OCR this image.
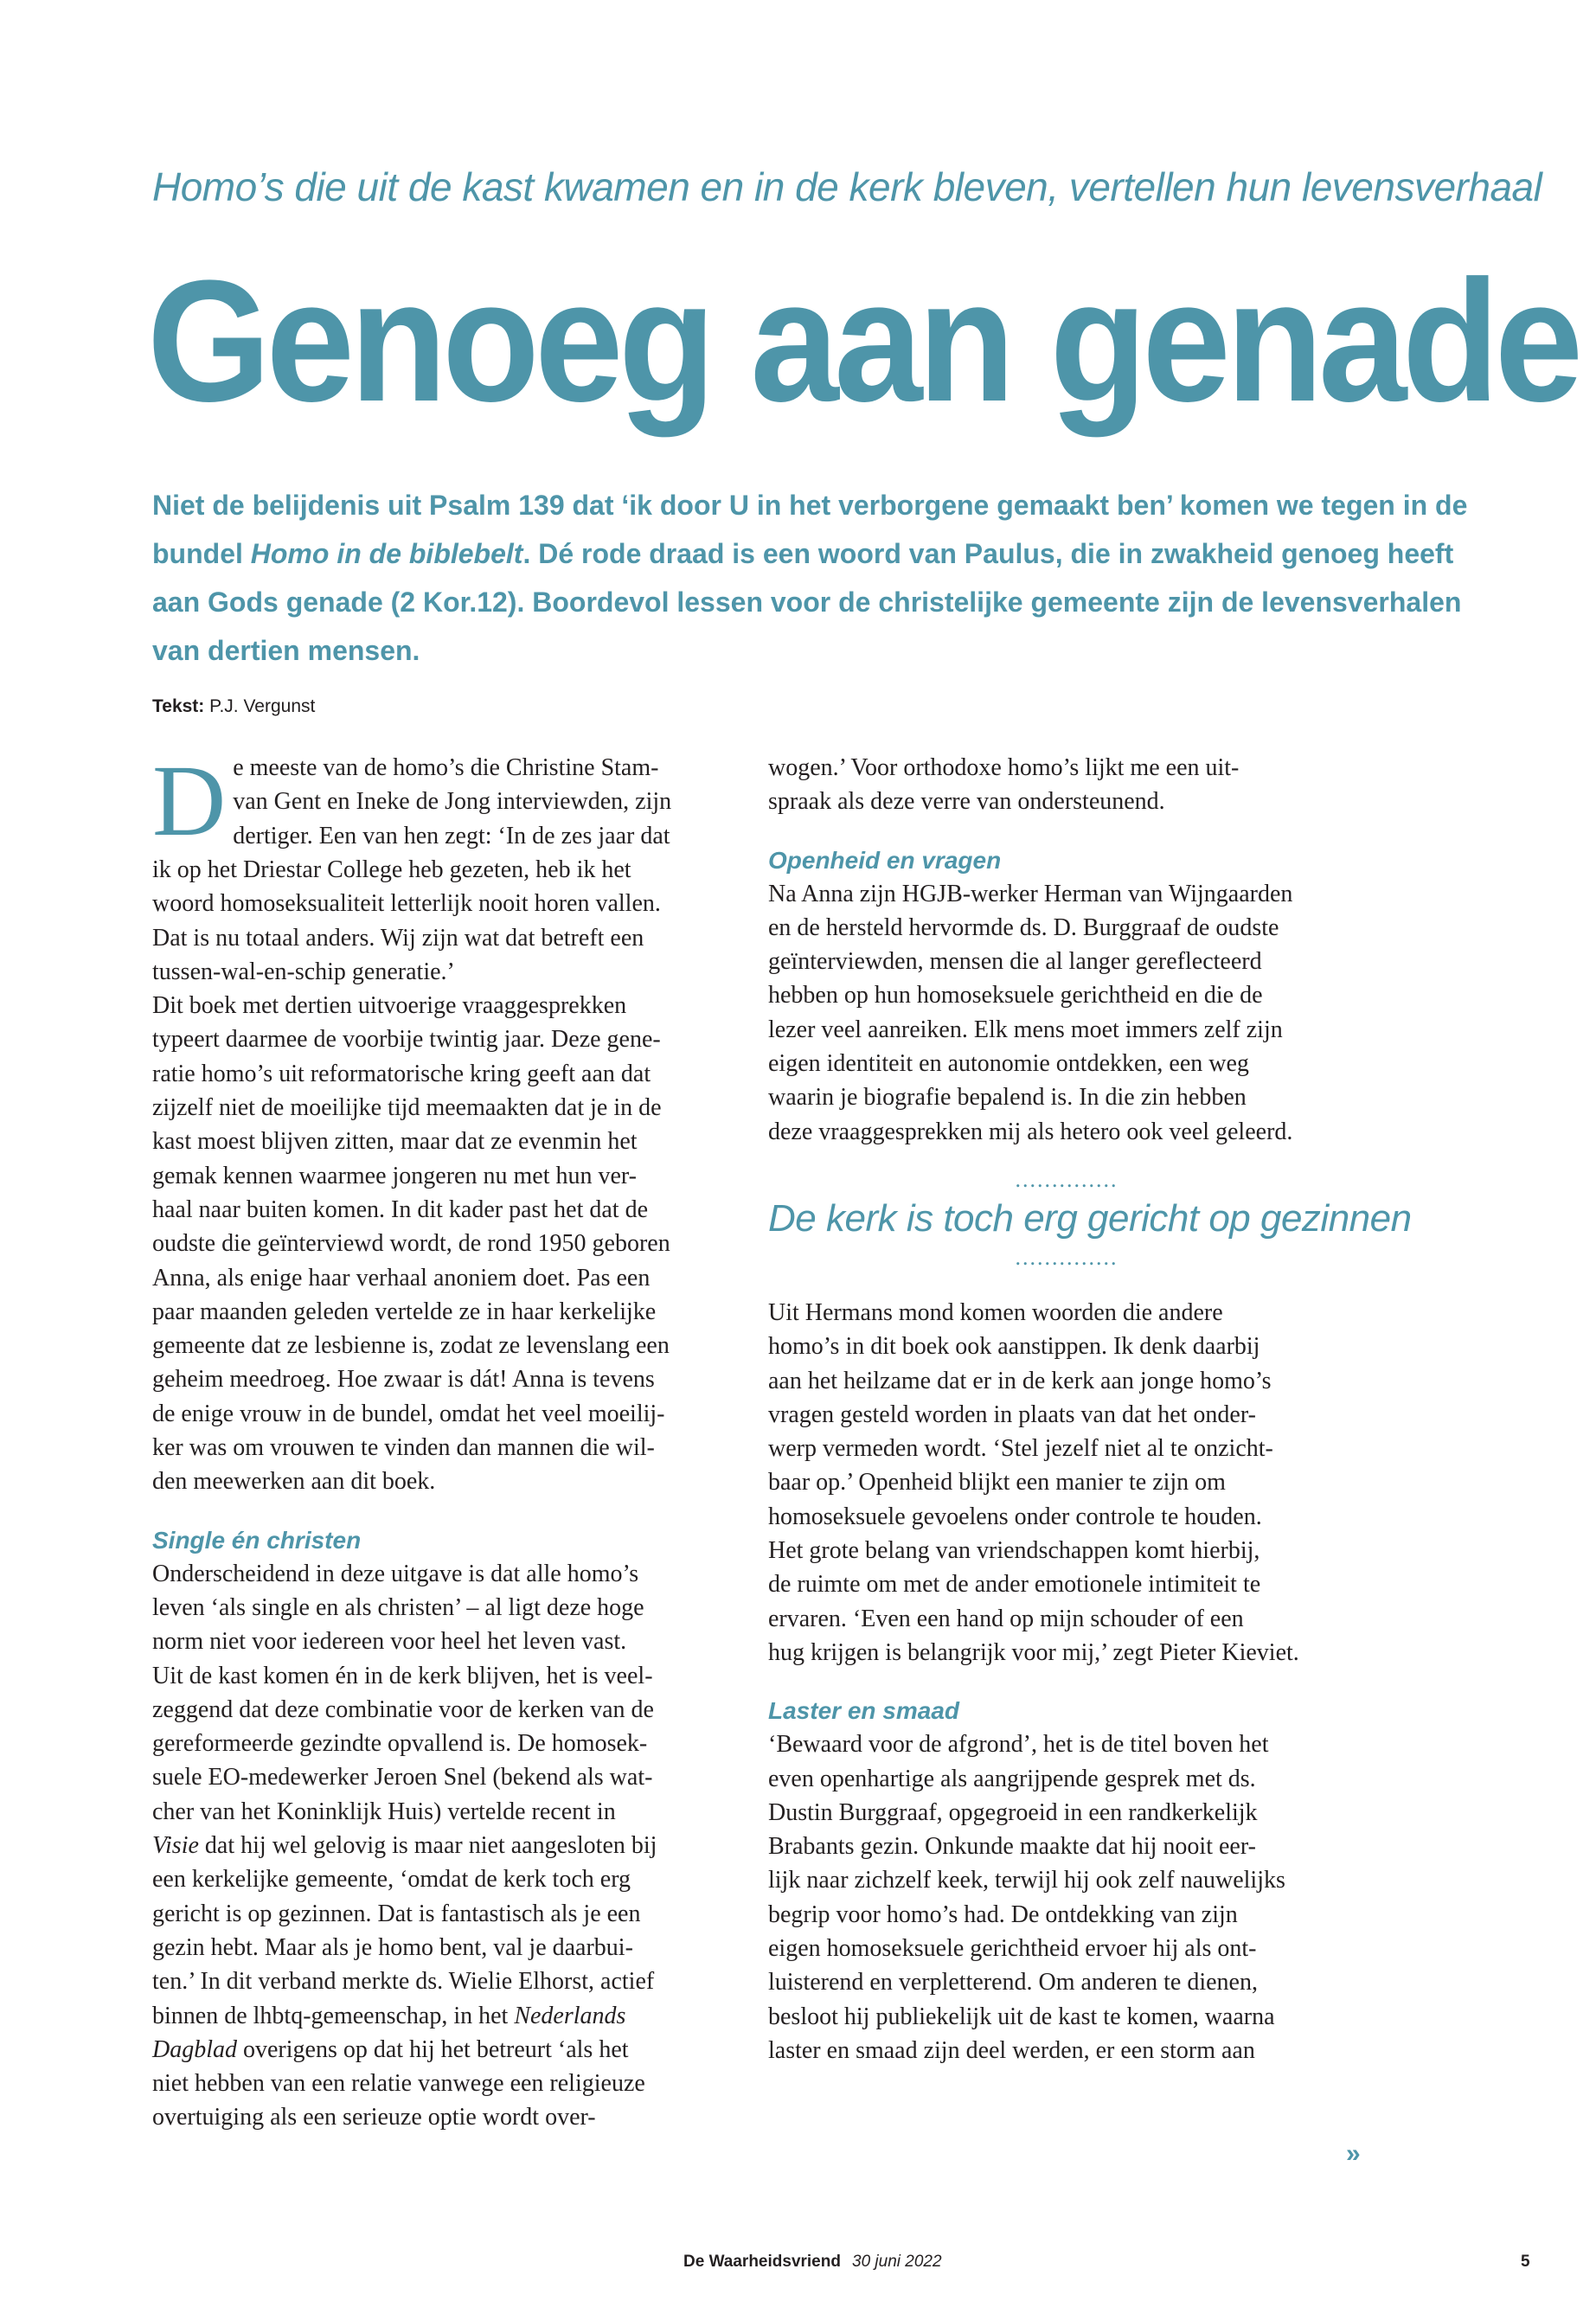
Homo’s die uit de kast kwamen en in de kerk bleven, vertellen hun levensverhaal
Genoeg aan genade

Niet de belijdenis uit Psalm 139 dat ‘ik door U in het verborgene gemaakt ben’ komen we tegen in de

bundel Homo in de biblebelt. Dé rode draad is een woord van Paulus, die in zwakheid genoeg heeft

aan Gods genade (2 Kor.12). Boordevol lessen voor de christelijke gemeente zijn de levensverhalen

van dertien mensen.

Tekst: P.J. Vergunst
D e meeste van de homo’s die Christine Stam-

van Gent en Ineke de Jong interviewden, zijn

dertiger. Een van hen zegt: ‘In de zes jaar dat

ik op het Driestar College heb gezeten, heb ik het

woord homoseksualiteit letterlijk nooit horen vallen.

Dat is nu totaal anders. Wij zijn wat dat betreft een

tussen-wal-en-schip generatie.’

Dit boek met dertien uitvoerige vraaggesprekken

typeert daarmee de voorbije twintig jaar. Deze gene-

ratie homo’s uit reformatorische kring geeft aan dat

zijzelf niet de moeilijke tijd meemaakten dat je in de

kast moest blijven zitten, maar dat ze evenmin het

gemak kennen waarmee jongeren nu met hun ver-

haal naar buiten komen. In dit kader past het dat de

oudste die geïnterviewd wordt, de rond 1950 geboren

Anna, als enige haar verhaal anoniem doet. Pas een

paar maanden geleden vertelde ze in haar kerkelijke

gemeente dat ze lesbienne is, zodat ze levenslang een

geheim meedroeg. Hoe zwaar is dát! Anna is tevens

de enige vrouw in de bundel, omdat het veel moeilij-

ker was om vrouwen te vinden dan mannen die wil-

den meewerken aan dit boek.

Single én christen

Onderscheidend in deze uitgave is dat alle homo’s

leven ‘als single en als christen’ – al ligt deze hoge

norm niet voor iedereen voor heel het leven vast.

Uit de kast komen én in de kerk blijven, het is veel-

zeggend dat deze combinatie voor de kerken van de

gereformeerde gezindte opvallend is. De homosek-

suele EO-medewerker Jeroen Snel (bekend als wat-

cher van het Koninklijk Huis) vertelde recent in

Visie dat hij wel gelovig is maar niet aangesloten bij

een kerkelijke gemeente, ‘omdat de kerk toch erg

gericht is op gezinnen. Dat is fantastisch als je een

gezin hebt. Maar als je homo bent, val je daarbui-

ten.’ In dit verband merkte ds. Wielie Elhorst, actief

binnen de lhbtq-gemeenschap, in het Nederlands

Dagblad overigens op dat hij het betreurt ‘als het

niet hebben van een relatie vanwege een religieuze

overtuiging als een serieuze optie wordt over-

wogen.’ Voor orthodoxe homo’s lijkt me een uit-

spraak als deze verre van ondersteunend.

Openheid en vragen

Na Anna zijn HGJB-werker Herman van Wijngaarden

en de hersteld hervormde ds. D. Burggraaf de oudste

geïnterviewden, mensen die al langer gereflecteerd

hebben op hun homoseksuele gerichtheid en die de

lezer veel aanreiken. Elk mens moet immers zelf zijn

eigen identiteit en autonomie ontdekken, een weg

waarin je biografie bepalend is. In die zin hebben

deze vraaggesprekken mij als hetero ook veel geleerd.

..............
De kerk is toch erg gericht op gezinnen
..............

Uit Hermans mond komen woorden die andere

homo’s in dit boek ook aanstippen. Ik denk daarbij

aan het heilzame dat er in de kerk aan jonge homo’s

vragen gesteld worden in plaats van dat het onder-

werp vermeden wordt. ‘Stel jezelf niet al te onzicht-

baar op.’ Openheid blijkt een manier te zijn om

homoseksuele gevoelens onder controle te houden.

Het grote belang van vriendschappen komt hierbij,

de ruimte om met de ander emotionele intimiteit te

ervaren. ‘Even een hand op mijn schouder of een

hug krijgen is belangrijk voor mij,’ zegt Pieter Kieviet.

Laster en smaad

‘Bewaard voor de afgrond’, het is de titel boven het

even openhartige als aangrijpende gesprek met ds.

Dustin Burggraaf, opgegroeid in een randkerkelijk

Brabants gezin. Onkunde maakte dat hij nooit eer-

lijk naar zichzelf keek, terwijl hij ook zelf nauwelijks

begrip voor homo’s had. De ontdekking van zijn

eigen homoseksuele gerichtheid ervoer hij als ont-

luisterend en verpletterend. Om anderen te dienen,

besloot hij publiekelijk uit de kast te komen, waarna

laster en smaad zijn deel werden, er een storm aan

»
De Waarheidsvriend 30 juni 2022	5
